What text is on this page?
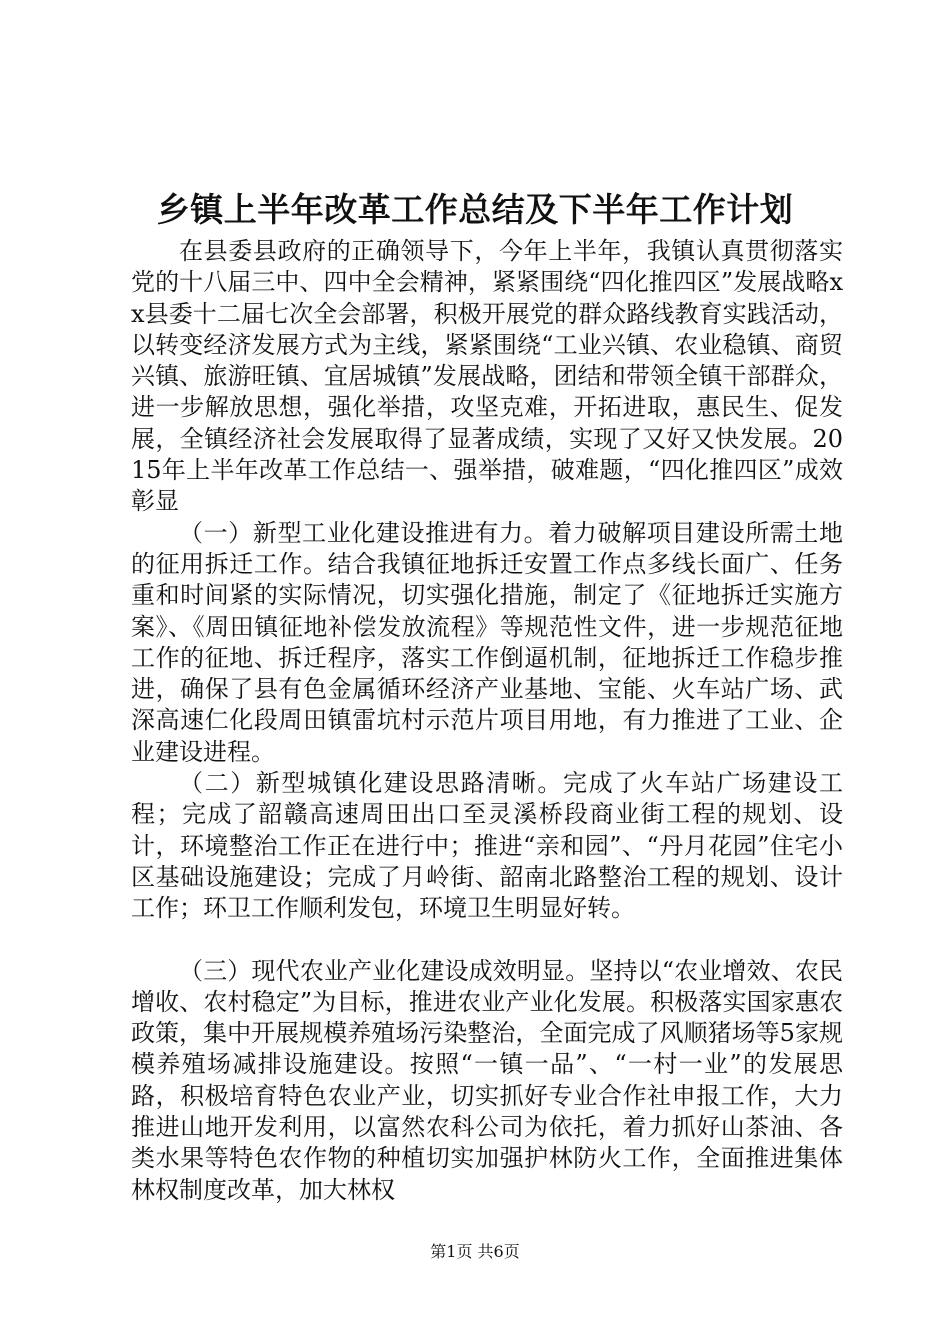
乡镇上半年改革工作总结及下半年工作计划

在县委县政府的正确领导下，今年上半年，我镇认真贯彻落实党的十八届三中、四中全会精神，紧紧围绕“四化推四区”发展战略xx县委十二届七次全会部署，积极开展党的群众路线教育实践活动，以转变经济发展方式为主线，紧紧围绕“工业兴镇、农业稳镇、商贸兴镇、旅游旺镇、宜居城镇”发展战略，团结和带领全镇干部群众，进一步解放思想，强化举措，攻坚克难，开拓进取，惠民生、促发展，全镇经济社会发展取得了显著成绩，实现了又好又快发展。2015年上半年改革工作总结一、强举措，破难题，“四化推四区”成效彰显

（一）新型工业化建设推进有力。着力破解项目建设所需土地的征用拆迁工作。结合我镇征地拆迁安置工作点多线长面广、任务重和时间紧的实际情况，切实强化措施，制定了《征地拆迁实施方案》、《周田镇征地补偿发放流程》等规范性文件，进一步规范征地工作的征地、拆迁程序，落实工作倒逼机制，征地拆迁工作稳步推进，确保了县有色金属循环经济产业基地、宝能、火车站广场、武深高速仁化段周田镇雷坑村示范片项目用地，有力推进了工业、企业建设进程。

（二）新型城镇化建设思路清晰。完成了火车站广场建设工程；完成了韶赣高速周田出口至灵溪桥段商业街工程的规划、设计，环境整治工作正在进行中；推进“亲和园”、“丹月花园”住宅小区基础设施建设；完成了月岭街、韶南北路整治工程的规划、设计工作；环卫工作顺利发包，环境卫生明显好转。

（三）现代农业产业化建设成效明显。坚持以“农业增效、农民增收、农村稳定”为目标，推进农业产业化发展。积极落实国家惠农政策，集中开展规模养殖场污染整治，全面完成了风顺猪场等5家规模养殖场减排设施建设。按照“一镇一品”、“一村一业”的发展思路，积极培育特色农业产业，切实抓好专业合作社申报工作，大力推进山地开发利用，以富然农科公司为依托，着力抓好山茶油、各类水果等特色农作物的种植切实加强护林防火工作，全面推进集体林权制度改革，加大林权

第1页 共6页
